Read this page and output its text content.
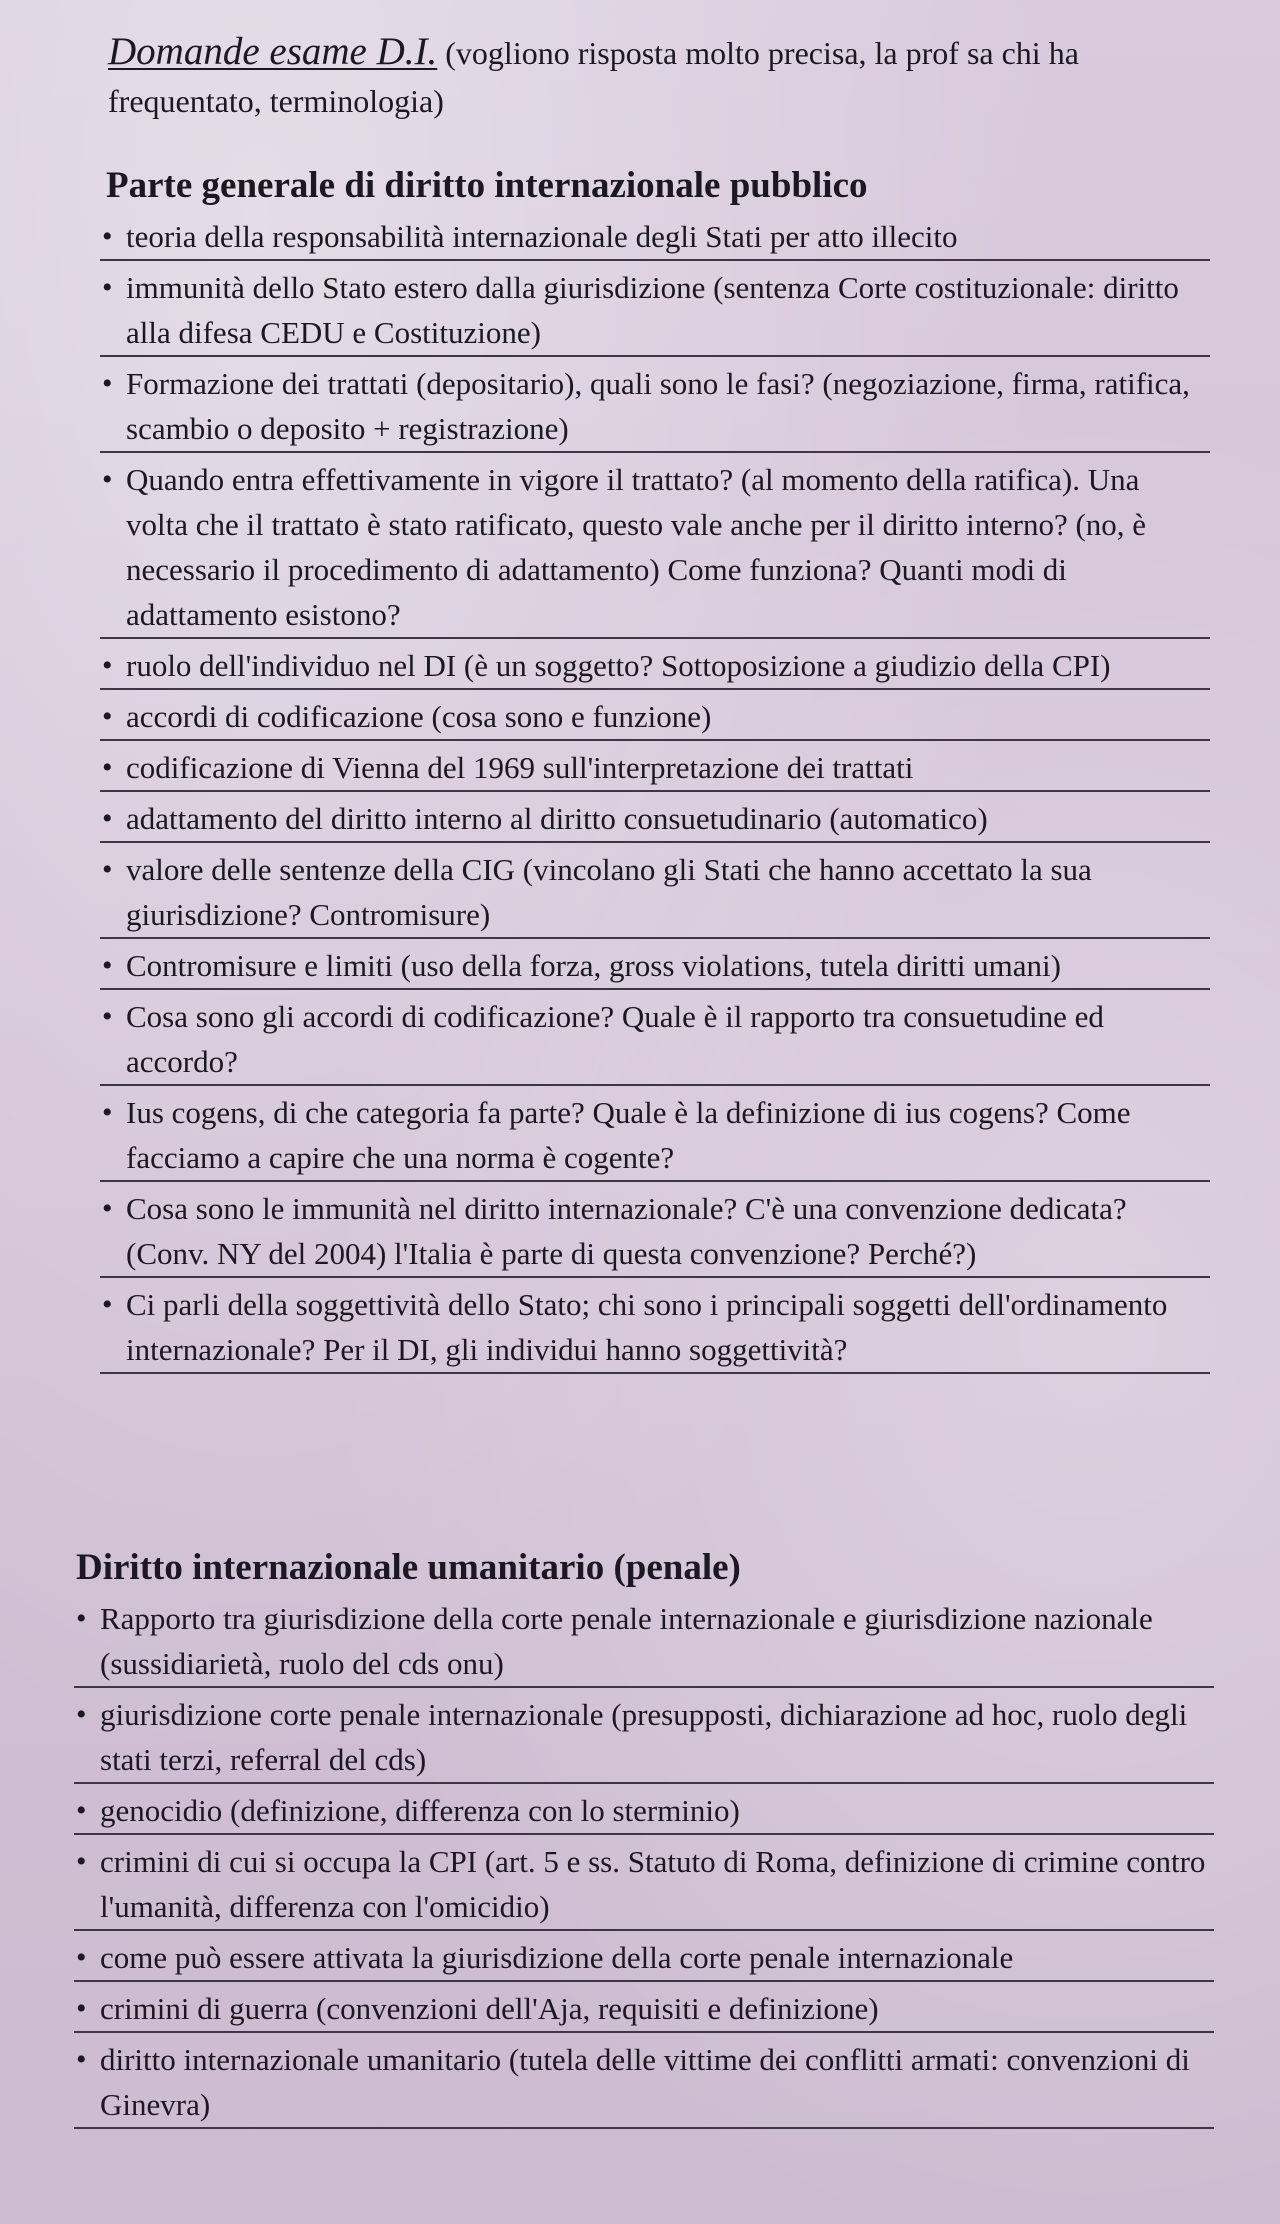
Domande esame D.I. (vogliono risposta molto precisa, la prof sa chi ha frequentato, terminologia)
Parte generale di diritto internazionale pubblico
• teoria della responsabilità internazionale degli Stati per atto illecito
• immunità dello Stato estero dalla giurisdizione (sentenza Corte costituzionale: diritto alla difesa CEDU e Costituzione)
• Formazione dei trattati (depositario), quali sono le fasi? (negoziazione, firma, ratifica, scambio o deposito + registrazione)
• Quando entra effettivamente in vigore il trattato? (al momento della ratifica). Una volta che il trattato è stato ratificato, questo vale anche per il diritto interno? (no, è necessario il procedimento di adattamento) Come funziona? Quanti modi di adattamento esistono?
• ruolo dell'individuo nel DI (è un soggetto? Sottoposizione a giudizio della CPI)
• accordi di codificazione (cosa sono e funzione)
• codificazione di Vienna del 1969 sull'interpretazione dei trattati
• adattamento del diritto interno al diritto consuetudinario (automatico)
• valore delle sentenze della CIG (vincolano gli Stati che hanno accettato la sua giurisdizione? Contromisure)
• Contromisure e limiti (uso della forza, gross violations, tutela diritti umani)
• Cosa sono gli accordi di codificazione? Quale è il rapporto tra consuetudine ed accordo?
• Ius cogens, di che categoria fa parte? Quale è la definizione di ius cogens? Come facciamo a capire che una norma è cogente?
• Cosa sono le immunità nel diritto internazionale? C'è una convenzione dedicata? (Conv. NY del 2004) l'Italia è parte di questa convenzione? Perché?)
• Ci parli della soggettività dello Stato; chi sono i principali soggetti dell'ordinamento internazionale? Per il DI, gli individui hanno soggettività?
Diritto internazionale umanitario (penale)
• Rapporto tra giurisdizione della corte penale internazionale e giurisdizione nazionale (sussidiarietà, ruolo del cds onu)
• giurisdizione corte penale internazionale (presupposti, dichiarazione ad hoc, ruolo degli stati terzi, referral del cds)
• genocidio (definizione, differenza con lo sterminio)
• crimini di cui si occupa la CPI (art. 5 e ss. Statuto di Roma, definizione di crimine contro l'umanità, differenza con l'omicidio)
• come può essere attivata la giurisdizione della corte penale internazionale
• crimini di guerra (convenzioni dell'Aja, requisiti e definizione)
• diritto internazionale umanitario (tutela delle vittime dei conflitti armati: convenzioni di Ginevra)
